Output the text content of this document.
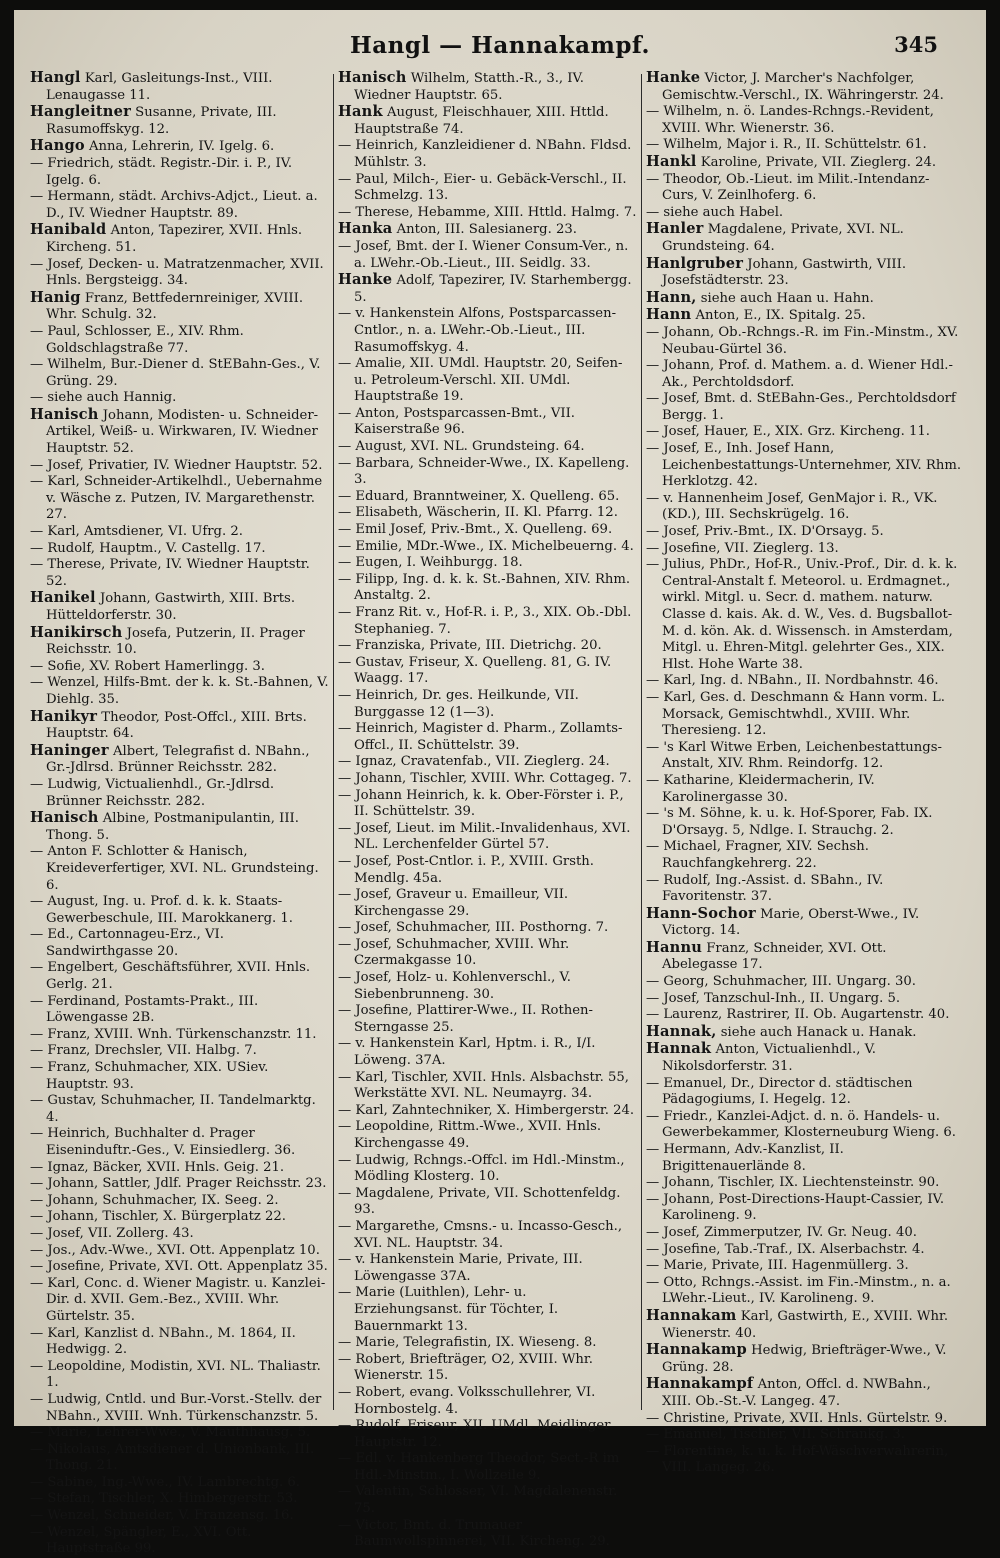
Hangl — Hannakampf.	345

Hangl Karl, Gasleitungs-Inst., VIII. Lenaugasse 11.

Hangleitner Susanne, Private, III. Rasumoffskyg. 12.

Hango Anna, Lehrerin, IV. Igelg. 6.

— Friedrich, städt. Registr.-Dir. i. P., IV. Igelg. 6.

— Hermann, städt. Archivs-Adjct., Lieut. a. D., IV. Wiedner Hauptstr. 89.

Hanibald Anton, Tapezirer, XVII. Hnls. Kircheng. 51.

— Josef, Decken- u. Matratzenmacher, XVII. Hnls. Bergsteigg. 34.

Hanig Franz, Bettfedernreiniger, XVIII. Whr. Schulg. 32.

— Paul, Schlosser, E., XIV. Rhm. Goldschlagstraße 77.

— Wilhelm, Bur.-Diener d. StEBahn-Ges., V. Grüng. 29.

— siehe auch Hannig.

Hanisch Johann, Modisten- u. Schneider-Artikel, Weiß- u. Wirkwaren, IV. Wiedner Hauptstr. 52.

— Josef, Privatier, IV. Wiedner Hauptstr. 52.

— Karl, Schneider-Artikelhdl., Uebernahme v. Wäsche z. Putzen, IV. Margarethenstr. 27.

— Karl, Amtsdiener, VI. Ufrg. 2.

— Rudolf, Hauptm., V. Castellg. 17.

— Therese, Private, IV. Wiedner Hauptstr. 52.

Hanikel Johann, Gastwirth, XIII. Brts. Hütteldorferstr. 30.

Hanikirsch Josefa, Putzerin, II. Prager Reichsstr. 10.

— Sofie, XV. Robert Hamerlingg. 3.

— Wenzel, Hilfs-Bmt. der k. k. St.-Bahnen, V. Diehlg. 35.

Hanikyr Theodor, Post-Offcl., XIII. Brts. Hauptstr. 64.

Haninger Albert, Telegrafist d. NBahn., Gr.-Jdlrsd. Brünner Reichsstr. 282.

— Ludwig, Victualienhdl., Gr.-Jdlrsd. Brünner Reichsstr. 282.

Hanisch Albine, Postmanipulantin, III. Thong. 5.

— Anton F. Schlotter & Hanisch, Kreideverfertiger, XVI. NL. Grundsteing. 6.

— August, Ing. u. Prof. d. k. k. Staats-Gewerbeschule, III. Marokkanerg. 1.

— Ed., Cartonnageu-Erz., VI. Sandwirthgasse 20.

— Engelbert, Geschäftsführer, XVII. Hnls. Gerlg. 21.

— Ferdinand, Postamts-Prakt., III. Löwengasse 2B.

— Franz, XVIII. Wnh. Türkenschanzstr. 11.

— Franz, Drechsler, VII. Halbg. 7.

— Franz, Schuhmacher, XIX. USiev. Hauptstr. 93.

— Gustav, Schuhmacher, II. Tandelmarktg. 4.

— Heinrich, Buchhalter d. Prager Eiseninduftr.-Ges., V. Einsiedlerg. 36.

— Ignaz, Bäcker, XVII. Hnls. Geig. 21.

— Johann, Sattler, Jdlf. Prager Reichsstr. 23.

— Johann, Schuhmacher, IX. Seeg. 2.

— Johann, Tischler, X. Bürgerplatz 22.

— Josef, VII. Zollerg. 43.

— Jos., Adv.-Wwe., XVI. Ott. Appenplatz 10.

— Josefine, Private, XVI. Ott. Appenplatz 35.

— Karl, Conc. d. Wiener Magistr. u. Kanzlei-Dir. d. XVII. Gem.-Bez., XVIII. Whr. Gürtelstr. 35.

— Karl, Kanzlist d. NBahn., M. 1864, II. Hedwigg. 2.

— Leopoldine, Modistin, XVI. NL. Thaliastr. 1.

— Ludwig, Cntld. und Bur.-Vorst.-Stellv. der NBahn., XVIII. Wnh. Türkenschanzstr. 5.

— Marie, Lehrer-Wwe., V. Mauthhausg. 5.

— Nikolaus, Amtsdiener d. Unionbank, III. Thong. 21.

— Sabine, Ing.-Wwe., IV. Lambrechtg. 6.

— Stefan, Tischler, X. Himbergerstr. 53.

— Wenzel, Schneider, V. Franzensg. 16.

— Wenzel, Spängler, E., XVI. Ott. Hauptstraße 99.

Hanisch Wilhelm, Statth.-R., 3., IV. Wiedner Hauptstr. 65.

Hank August, Fleischhauer, XIII. Httld. Hauptstraße 74.

— Heinrich, Kanzleidiener d. NBahn. Fldsd. Mühlstr. 3.

— Paul, Milch-, Eier- u. Gebäck-Verschl., II. Schmelzg. 13.

— Therese, Hebamme, XIII. Httld. Halmg. 7.

Hanka Anton, III. Salesianerg. 23.

— Josef, Bmt. der I. Wiener Consum-Ver., n. a. LWehr.-Ob.-Lieut., III. Seidlg. 33.

Hanke Adolf, Tapezirer, IV. Starhembergg. 5.

— v. Hankenstein Alfons, Postsparcassen-Cntlor., n. a. LWehr.-Ob.-Lieut., III. Rasumoffskyg. 4.

— Amalie, XII. UMdl. Hauptstr. 20, Seifen- u. Petroleum-Verschl. XII. UMdl. Hauptstraße 19.

— Anton, Postsparcassen-Bmt., VII. Kaiserstraße 96.

— August, XVI. NL. Grundsteing. 64.

— Barbara, Schneider-Wwe., IX. Kapelleng. 3.

— Eduard, Branntweiner, X. Quelleng. 65.

— Elisabeth, Wäscherin, II. Kl. Pfarrg. 12.

— Emil Josef, Priv.-Bmt., X. Quelleng. 69.

— Emilie, MDr.-Wwe., IX. Michelbeuerng. 4.

— Eugen, I. Weihburgg. 18.

— Filipp, Ing. d. k. k. St.-Bahnen, XIV. Rhm. Anstaltg. 2.

— Franz Rit. v., Hof-R. i. P., 3., XIX. Ob.-Dbl. Stephanieg. 7.

— Franziska, Private, III. Dietrichg. 20.

— Gustav, Friseur, X. Quelleng. 81, G. IV. Waagg. 17.

— Heinrich, Dr. ges. Heilkunde, VII. Burggasse 12 (1—3).

— Heinrich, Magister d. Pharm., Zollamts-Offcl., II. Schüttelstr. 39.

— Ignaz, Cravatenfab., VII. Zieglerg. 24.

— Johann, Tischler, XVIII. Whr. Cottageg. 7.

— Johann Heinrich, k. k. Ober-Förster i. P., II. Schüttelstr. 39.

— Josef, Lieut. im Milit.-Invalidenhaus, XVI. NL. Lerchenfelder Gürtel 57.

— Josef, Post-Cntlor. i. P., XVIII. Grsth. Mendlg. 45a.

— Josef, Graveur u. Emailleur, VII. Kirchengasse 29.

— Josef, Schuhmacher, III. Posthorng. 7.

— Josef, Schuhmacher, XVIII. Whr. Czermakgasse 10.

— Josef, Holz- u. Kohlenverschl., V. Siebenbrunneng. 30.

— Josefine, Plattirer-Wwe., II. Rothen-Sterngasse 25.

— v. Hankenstein Karl, Hptm. i. R., I/I. Löweng. 37A.

— Karl, Tischler, XVII. Hnls. Alsbachstr. 55, Werkstätte XVI. NL. Neumayrg. 34.

— Karl, Zahntechniker, X. Himbergerstr. 24.

— Leopoldine, Rittm.-Wwe., XVII. Hnls. Kirchengasse 49.

— Ludwig, Rchngs.-Offcl. im Hdl.-Minstm., Mödling Klosterg. 10.

— Magdalene, Private, VII. Schottenfeldg. 93.

— Margarethe, Cmsns.- u. Incasso-Gesch., XVI. NL. Hauptstr. 34.

— v. Hankenstein Marie, Private, III. Löwengasse 37A.

— Marie (Luithlen), Lehr- u. Erziehungsanst. für Töchter, I. Bauernmarkt 13.

— Marie, Telegrafistin, IX. Wieseng. 8.

— Robert, Briefträger, O2, XVIII. Whr. Wienerstr. 15.

— Robert, evang. Volksschullehrer, VI. Hornbostelg. 4.

— Rudolf, Friseur, XII. UMdl. Meidlinger Hauptstr. 12.

— Edl. v. Hankenberg Theodor, Sect.-R im Hdl.-Minstm., I. Wollzeile 9.

— Valentin, Schlosser, VI. Magdalenenstr. 75.

— Victor, Bmt. d. Trumauer Baumwollspinnerei, VII. Kircheng. 29.

Hanke Victor, J. Marcher's Nachfolger, Gemischtw.-Verschl., IX. Währingerstr. 24.

— Wilhelm, n. ö. Landes-Rchngs.-Revident, XVIII. Whr. Wienerstr. 36.

— Wilhelm, Major i. R., II. Schüttelstr. 61.

Hankl Karoline, Private, VII. Zieglerg. 24.

— Theodor, Ob.-Lieut. im Milit.-Intendanz-Curs, V. Zeinlhoferg. 6.

— siehe auch Habel.

Hanler Magdalene, Private, XVI. NL. Grundsteing. 64.

Hanlgruber Johann, Gastwirth, VIII. Josefstädterstr. 23.

Hann, siehe auch Haan u. Hahn.

Hann Anton, E., IX. Spitalg. 25.

— Johann, Ob.-Rchngs.-R. im Fin.-Minstm., XV. Neubau-Gürtel 36.

— Johann, Prof. d. Mathem. a. d. Wiener Hdl.-Ak., Perchtoldsdorf.

— Josef, Bmt. d. StEBahn-Ges., Perchtoldsdorf Bergg. 1.

— Josef, Hauer, E., XIX. Grz. Kircheng. 11.

— Josef, E., Inh. Josef Hann, Leichenbestattungs-Unternehmer, XIV. Rhm. Herklotzg. 42.

— v. Hannenheim Josef, GenMajor i. R., VK. (KD.), III. Sechskrügelg. 16.

— Josef, Priv.-Bmt., IX. D'Orsayg. 5.

— Josefine, VII. Zieglerg. 13.

— Julius, PhDr., Hof-R., Univ.-Prof., Dir. d. k. k. Central-Anstalt f. Meteorol. u. Erdmagnet., wirkl. Mitgl. u. Secr. d. mathem. naturw. Classe d. kais. Ak. d. W., Ves. d. Bugsballot-M. d. kön. Ak. d. Wissensch. in Amsterdam, Mitgl. u. Ehren-Mitgl. gelehrter Ges., XIX. Hlst. Hohe Warte 38.

— Karl, Ing. d. NBahn., II. Nordbahnstr. 46.

— Karl, Ges. d. Deschmann & Hann vorm. L. Morsack, Gemischtwhdl., XVIII. Whr. Theresieng. 12.

— 's Karl Witwe Erben, Leichenbestattungs-Anstalt, XIV. Rhm. Reindorfg. 12.

— Katharine, Kleidermacherin, IV. Karolinergasse 30.

— 's M. Söhne, k. u. k. Hof-Sporer, Fab. IX. D'Orsayg. 5, Ndlge. I. Strauchg. 2.

— Michael, Fragner, XIV. Sechsh. Rauchfangkehrerg. 22.

— Rudolf, Ing.-Assist. d. SBahn., IV. Favoritenstr. 37.

Hann-Sochor Marie, Oberst-Wwe., IV. Victorg. 14.

Hannu Franz, Schneider, XVI. Ott. Abelegasse 17.

— Georg, Schuhmacher, III. Ungarg. 30.

— Josef, Tanzschul-Inh., II. Ungarg. 5.

— Laurenz, Rastrirer, II. Ob. Augartenstr. 40.

Hannak, siehe auch Hanack u. Hanak.

Hannak Anton, Victualienhdl., V. Nikolsdorferstr. 31.

— Emanuel, Dr., Director d. städtischen Pädagogiums, I. Hegelg. 12.

— Friedr., Kanzlei-Adjct. d. n. ö. Handels- u. Gewerbekammer, Klosterneuburg Wieng. 6.

— Hermann, Adv.-Kanzlist, II. Brigittenauerlände 8.

— Johann, Tischler, IX. Liechtensteinstr. 90.

— Johann, Post-Directions-Haupt-Cassier, IV. Karolineng. 9.

— Josef, Zimmerputzer, IV. Gr. Neug. 40.

— Josefine, Tab.-Traf., IX. Alserbachstr. 4.

— Marie, Private, III. Hagenmüllerg. 3.

— Otto, Rchngs.-Assist. im Fin.-Minstm., n. a. LWehr.-Lieut., IV. Karolineng. 9.

Hannakam Karl, Gastwirth, E., XVIII. Whr. Wienerstr. 40.

Hannakamp Hedwig, Briefträger-Wwe., V. Grüng. 28.

Hannakampf Anton, Offcl. d. NWBahn., XIII. Ob.-St.-V. Langeg. 47.

— Christine, Private, XVII. Hnls. Gürtelstr. 9.

— Emanuel, Tischler, VII. Schrankg. 3.

— Florentine, k. u. k. Hof-Wäschverwahrerin, VIII. Langeg. 26.
